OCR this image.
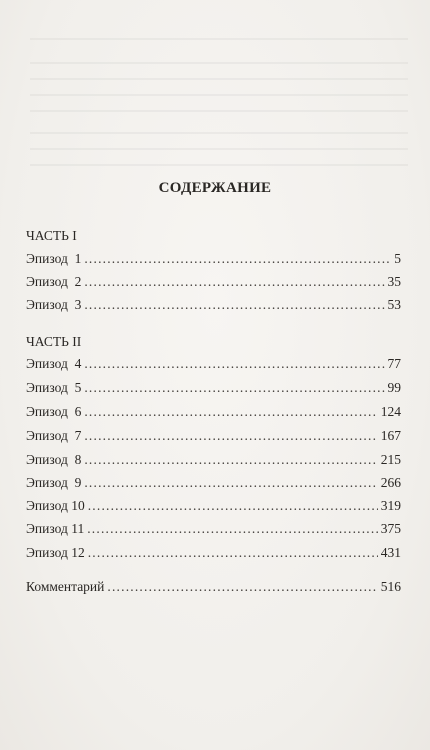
СОДЕРЖАНИЕ
ЧАСТЬ I
Эпизод  1 .....	5
Эпизод  2 .....	35
Эпизод  3 .....	53
ЧАСТЬ II
Эпизод  4 .....	77
Эпизод  5 .....	99
Эпизод  6 .....	124
Эпизод  7 .....	167
Эпизод  8 .....	215
Эпизод  9 .....	266
Эпизод 10 .....	319
Эпизод 11 .....	375
Эпизод 12 .....	431
Комментарий .....	516
